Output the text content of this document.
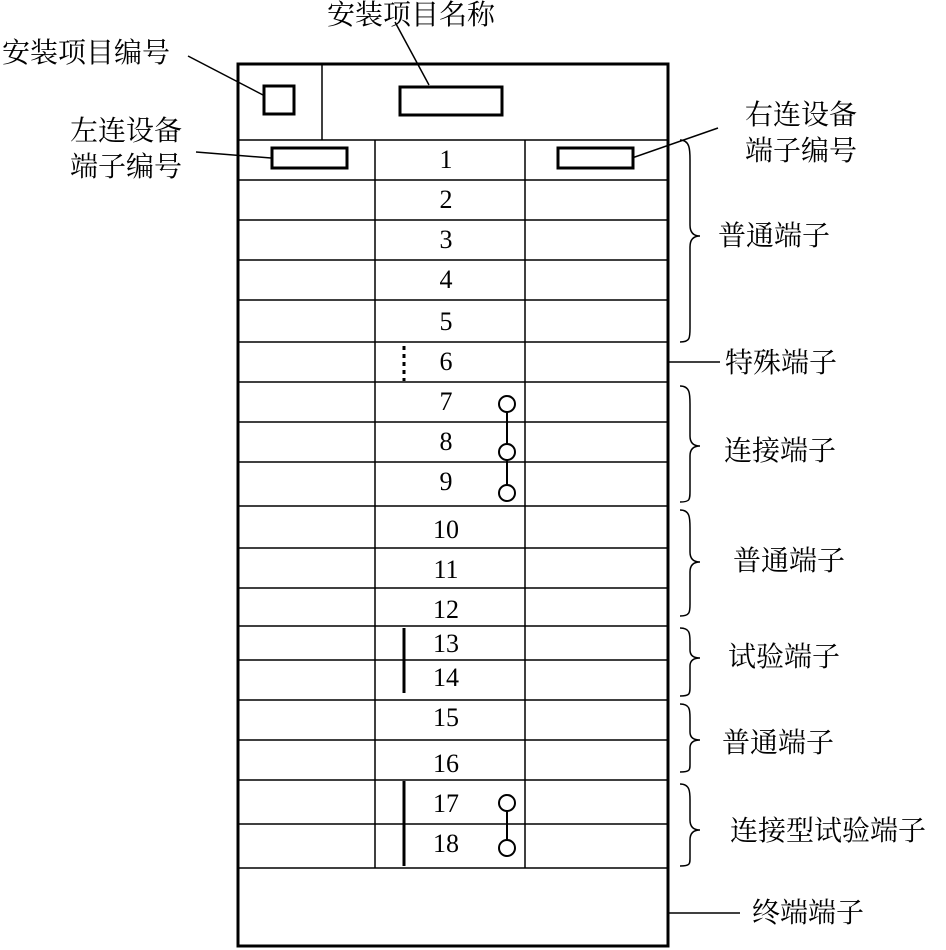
1
2
3
4
5
6
7
8
9
10
11
12
13
14
15
16
17
18
安装项目名称
安装项目编号
左连设备
端子编号
右连设备
端子编号
普通端子
特殊端子
连接端子
普通端子
试验端子
普通端子
连接型试验端子
终端端子
